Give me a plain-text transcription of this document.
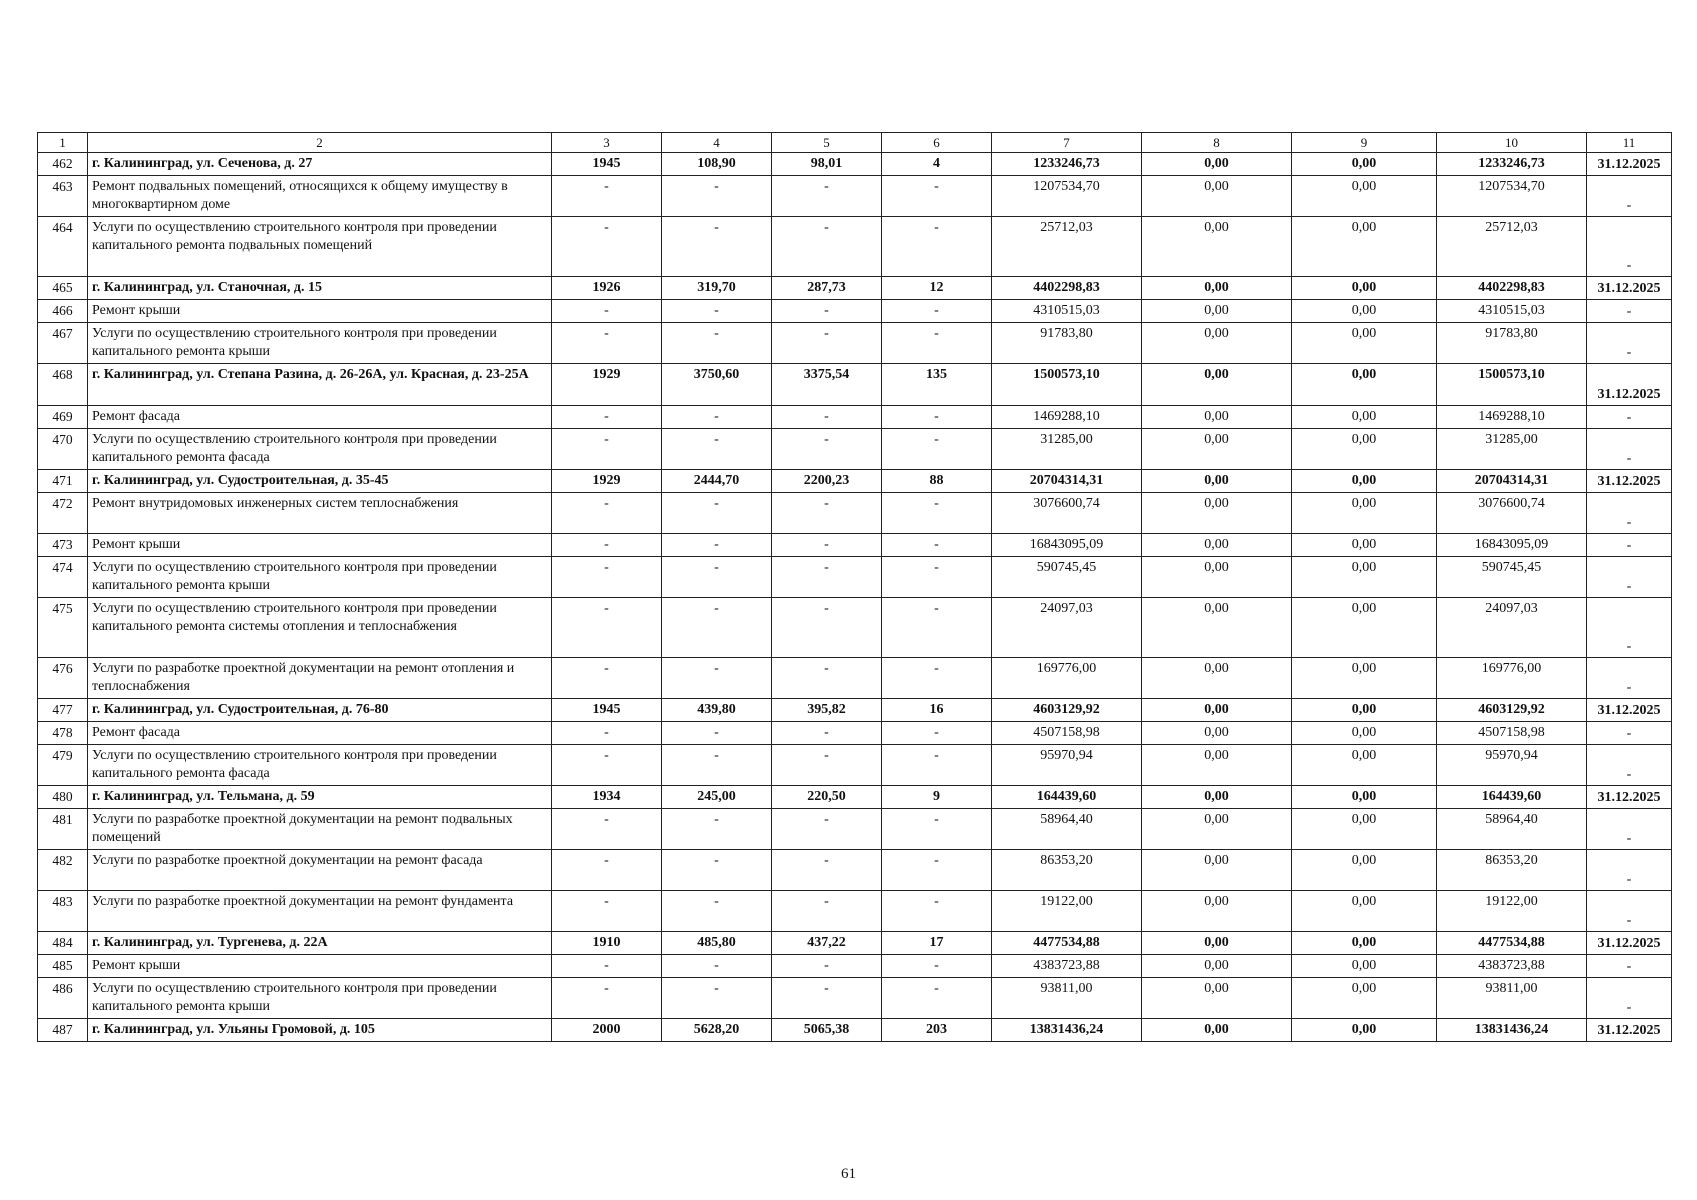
1	2	3	4	5	6	7	8	9	10	11
462	г. Калининград, ул. Сеченова, д. 27	1945	108,90	98,01	4	1233246,73	0,00	0,00	1233246,73	31.12.2025
463	Ремонт подвальных помещений, относящихся к общему имуществу в многоквартирном доме	-	-	-	-	1207534,70	0,00	0,00	1207534,70	-
464	Услуги по осуществлению строительного контроля при проведении капитального ремонта подвальных помещений	-	-	-	-	25712,03	0,00	0,00	25712,03	-
465	г. Калининград, ул. Станочная, д. 15	1926	319,70	287,73	12	4402298,83	0,00	0,00	4402298,83	31.12.2025
466	Ремонт крыши	-	-	-	-	4310515,03	0,00	0,00	4310515,03	-
467	Услуги по осуществлению строительного контроля при проведении капитального ремонта крыши	-	-	-	-	91783,80	0,00	0,00	91783,80	-
468	г. Калининград, ул. Степана Разина, д. 26-26А, ул. Красная, д. 23-25А	1929	3750,60	3375,54	135	1500573,10	0,00	0,00	1500573,10	31.12.2025
469	Ремонт фасада	-	-	-	-	1469288,10	0,00	0,00	1469288,10	-
470	Услуги по осуществлению строительного контроля при проведении капитального ремонта фасада	-	-	-	-	31285,00	0,00	0,00	31285,00	-
471	г. Калининград, ул. Судостроительная, д. 35-45	1929	2444,70	2200,23	88	20704314,31	0,00	0,00	20704314,31	31.12.2025
472	Ремонт внутридомовых инженерных систем теплоснабжения	-	-	-	-	3076600,74	0,00	0,00	3076600,74	-
473	Ремонт крыши	-	-	-	-	16843095,09	0,00	0,00	16843095,09	-
474	Услуги по осуществлению строительного контроля при проведении капитального ремонта крыши	-	-	-	-	590745,45	0,00	0,00	590745,45	-
475	Услуги по осуществлению строительного контроля при проведении капитального ремонта системы отопления и теплоснабжения	-	-	-	-	24097,03	0,00	0,00	24097,03	-
476	Услуги по разработке проектной документации на ремонт отопления и теплоснабжения	-	-	-	-	169776,00	0,00	0,00	169776,00	-
477	г. Калининград, ул. Судостроительная, д. 76-80	1945	439,80	395,82	16	4603129,92	0,00	0,00	4603129,92	31.12.2025
478	Ремонт фасада	-	-	-	-	4507158,98	0,00	0,00	4507158,98	-
479	Услуги по осуществлению строительного контроля при проведении капитального ремонта фасада	-	-	-	-	95970,94	0,00	0,00	95970,94	-
480	г. Калининград, ул. Тельмана, д. 59	1934	245,00	220,50	9	164439,60	0,00	0,00	164439,60	31.12.2025
481	Услуги по разработке проектной документации на ремонт подвальных помещений	-	-	-	-	58964,40	0,00	0,00	58964,40	-
482	Услуги по разработке проектной документации на ремонт фасада	-	-	-	-	86353,20	0,00	0,00	86353,20	-
483	Услуги по разработке проектной документации на ремонт фундамента	-	-	-	-	19122,00	0,00	0,00	19122,00	-
484	г. Калининград, ул. Тургенева, д. 22А	1910	485,80	437,22	17	4477534,88	0,00	0,00	4477534,88	31.12.2025
485	Ремонт крыши	-	-	-	-	4383723,88	0,00	0,00	4383723,88	-
486	Услуги по осуществлению строительного контроля при проведении капитального ремонта крыши	-	-	-	-	93811,00	0,00	0,00	93811,00	-
487	г. Калининград, ул. Ульяны Громовой, д. 105	2000	5628,20	5065,38	203	13831436,24	0,00	0,00	13831436,24	31.12.2025
61
